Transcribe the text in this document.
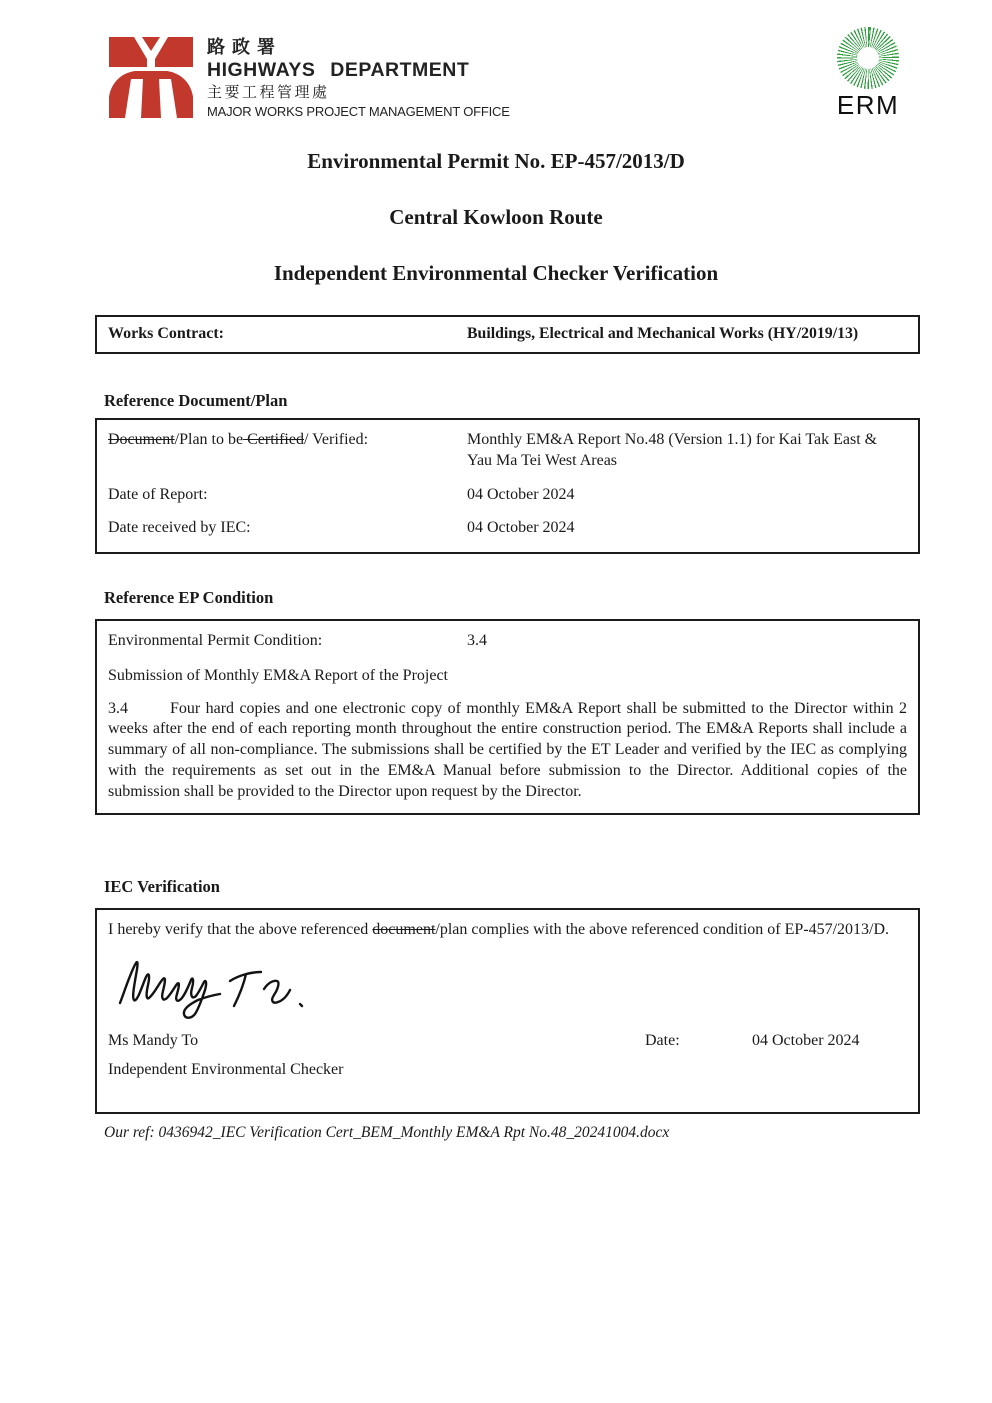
路政署
HIGHWAYS DEPARTMENT
主要工程管理處
MAJOR WORKS PROJECT MANAGEMENT OFFICE	ERM
Environmental Permit No. EP-457/2013/D
Central Kowloon Route
Independent Environmental Checker Verification
Works Contract:	Buildings, Electrical and Mechanical Works (HY/2019/13)
Reference Document/Plan
Document/Plan to be Certified/ Verified:	Monthly EM&A Report No.48 (Version 1.1) for Kai Tak East & Yau Ma Tei West Areas
Date of Report:	04 October 2024
Date received by IEC:	04 October 2024
Reference EP Condition
Environmental Permit Condition:	3.4
Submission of Monthly EM&A Report of the Project
3.4	Four hard copies and one electronic copy of monthly EM&A Report shall be submitted to the Director within 2 weeks after the end of each reporting month throughout the entire construction period. The EM&A Reports shall include a summary of all non-compliance. The submissions shall be certified by the ET Leader and verified by the IEC as complying with the requirements as set out in the EM&A Manual before submission to the Director. Additional copies of the submission shall be provided to the Director upon request by the Director.
IEC Verification
I hereby verify that the above referenced document/plan complies with the above referenced condition of EP-457/2013/D.
Ms Mandy To	Date:	04 October 2024
Independent Environmental Checker
Our ref: 0436942_IEC Verification Cert_BEM_Monthly EM&A Rpt No.48_20241004.docx
